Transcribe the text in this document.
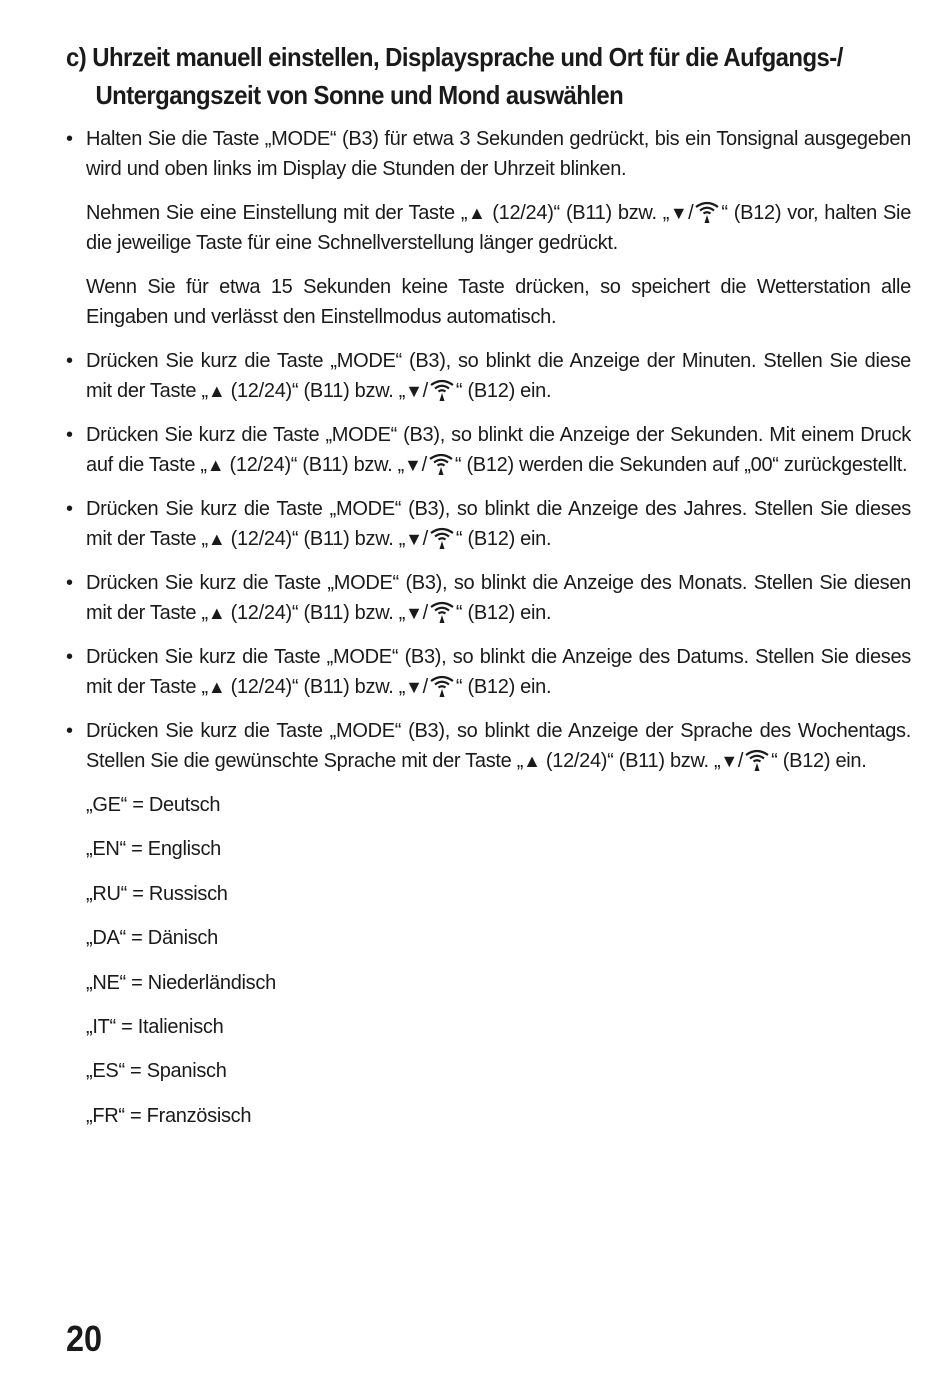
c) Uhrzeit manuell einstellen, Displaysprache und Ort für die Aufgangs-/
Untergangszeit von Sonne und Mond auswählen
• Halten Sie die Taste „MODE“ (B3) für etwa 3 Sekunden gedrückt, bis ein Tonsignal ausgegeben wird und oben links im Display die Stunden der Uhrzeit blinken.
Nehmen Sie eine Einstellung mit der Taste „▲ (12/24)“ (B11) bzw. „▼/ “ (B12) vor, halten Sie die jeweilige Taste für eine Schnellverstellung länger gedrückt.
Wenn Sie für etwa 15 Sekunden keine Taste drücken, so speichert die Wetterstation alle Eingaben und verlässt den Einstellmodus automatisch.
• Drücken Sie kurz die Taste „MODE“ (B3), so blinkt die Anzeige der Minuten. Stellen Sie diese mit der Taste „▲ (12/24)“ (B11) bzw. „▼/ “ (B12) ein.
• Drücken Sie kurz die Taste „MODE“ (B3), so blinkt die Anzeige der Sekunden. Mit einem Druck auf die Taste „▲ (12/24)“ (B11) bzw. „▼/ “ (B12) werden die Sekunden auf „00“ zurückgestellt.
• Drücken Sie kurz die Taste „MODE“ (B3), so blinkt die Anzeige des Jahres. Stellen Sie dieses mit der Taste „▲ (12/24)“ (B11) bzw. „▼/ “ (B12) ein.
• Drücken Sie kurz die Taste „MODE“ (B3), so blinkt die Anzeige des Monats. Stellen Sie diesen mit der Taste „▲ (12/24)“ (B11) bzw. „▼/ “ (B12) ein.
• Drücken Sie kurz die Taste „MODE“ (B3), so blinkt die Anzeige des Datums. Stellen Sie dieses mit der Taste „▲ (12/24)“ (B11) bzw. „▼/ “ (B12) ein.
• Drücken Sie kurz die Taste „MODE“ (B3), so blinkt die Anzeige der Sprache des Wochentags. Stellen Sie die gewünschte Sprache mit der Taste „▲ (12/24)“ (B11) bzw. „▼/ “ (B12) ein.
„GE“ = Deutsch
„EN“ = Englisch
„RU“ = Russisch
„DA“ = Dänisch
„NE“ = Niederländisch
„IT“ = Italienisch
„ES“ = Spanisch
„FR“ = Französisch
20
